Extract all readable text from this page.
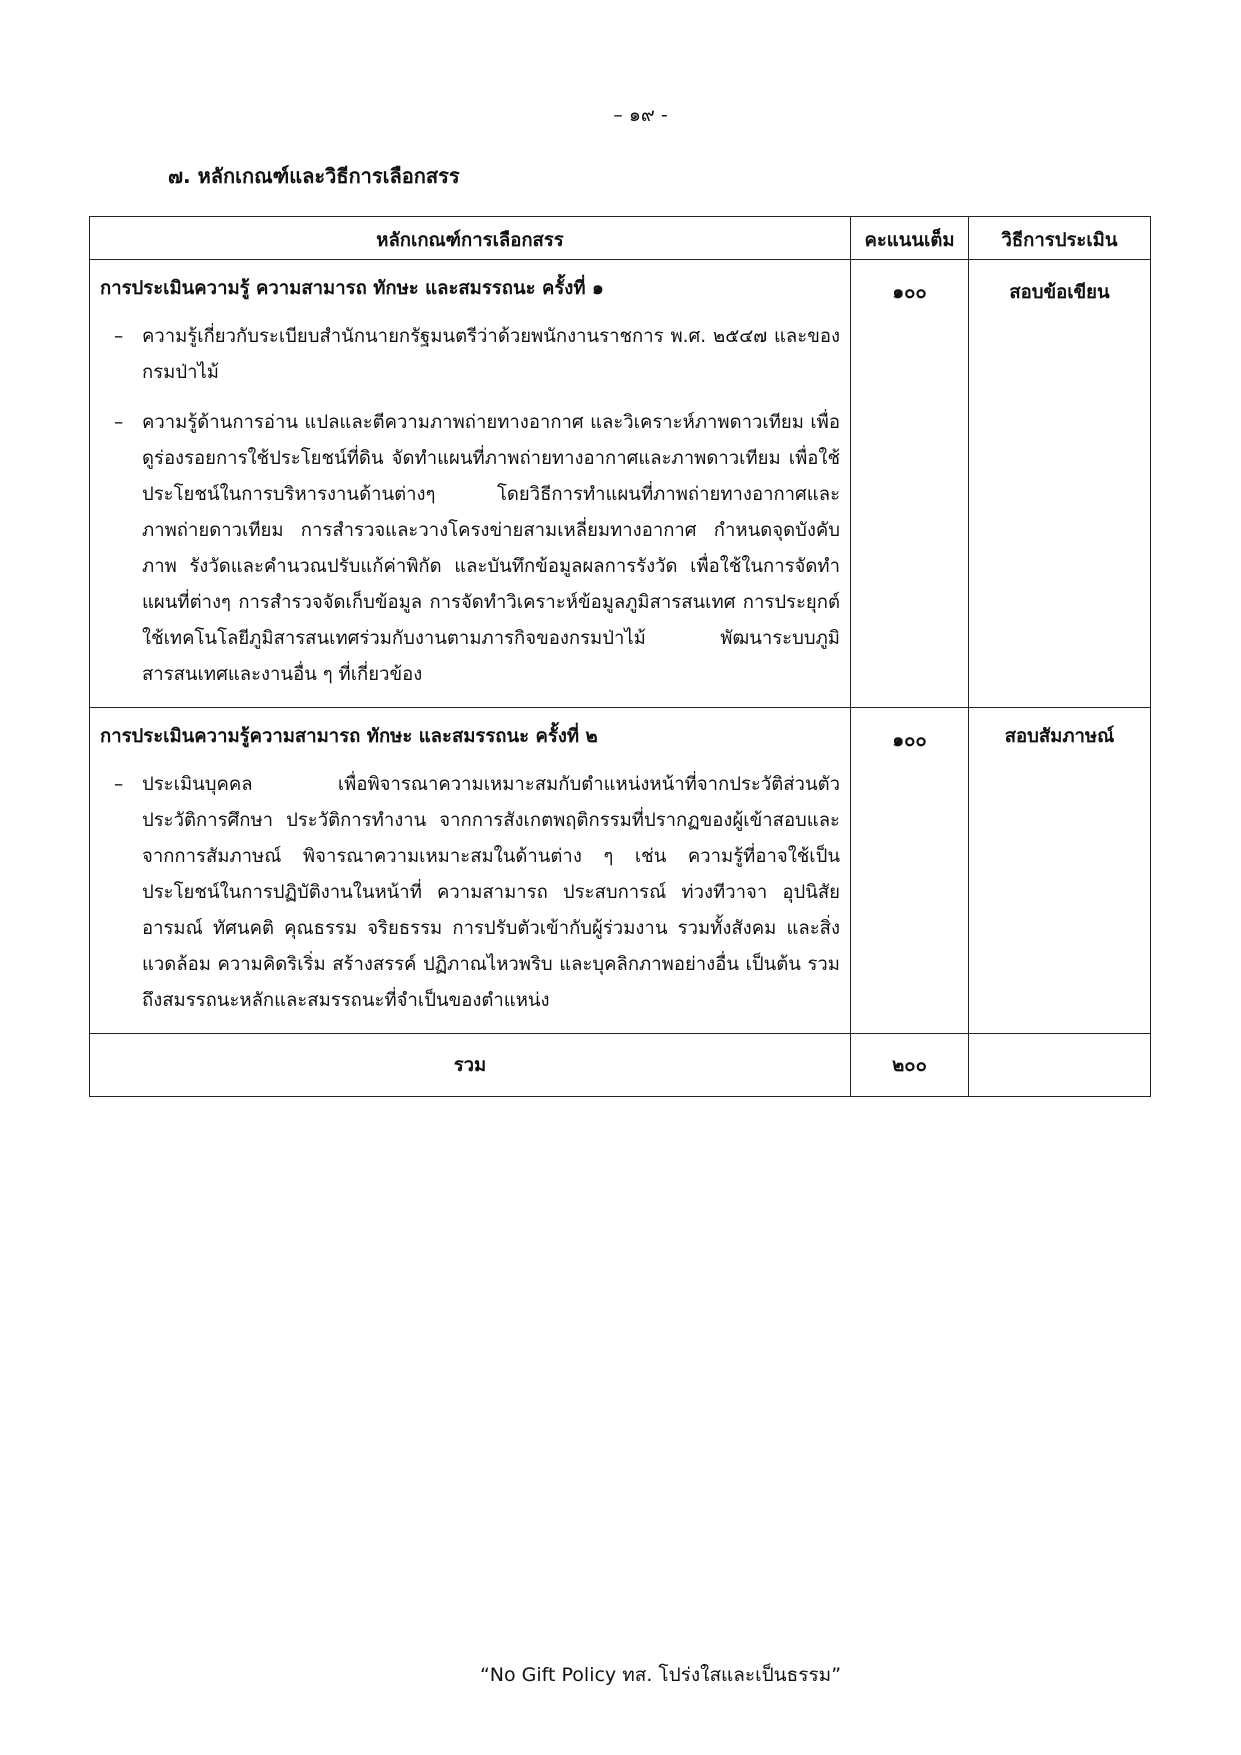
– ๑๙ -
๗. หลักเกณฑ์และวิธีการเลือกสรร
หลักเกณฑ์การเลือกสรร	คะแนนเต็ม	วิธีการประเมิน

การประเมินความรู้ ความสามารถ ทักษะ และสมรรถนะ ครั้งที่ ๑
– ความรู้เกี่ยวกับระเบียบสำนักนายกรัฐมนตรีว่าด้วยพนักงานราชการ พ.ศ. ๒๕๔๗ และของกรมป่าไม้
– ความรู้ด้านการอ่าน แปลและตีความภาพถ่ายทางอากาศ และวิเคราะห์ภาพดาวเทียม เพื่อดูร่องรอยการใช้ประโยชน์ที่ดิน จัดทำแผนที่ภาพถ่ายทางอากาศและภาพดาวเทียม เพื่อใช้ประโยชน์ในการบริหารงานด้านต่างๆ โดยวิธีการทำแผนที่ภาพถ่ายทางอากาศและภาพถ่ายดาวเทียม การสำรวจและวางโครงข่ายสามเหลี่ยมทางอากาศ กำหนดจุดบังคับภาพ รังวัดและคำนวณปรับแก้ค่าพิกัด และบันทึกข้อมูลผลการรังวัด เพื่อใช้ในการจัดทำแผนที่ต่างๆ การสำรวจจัดเก็บข้อมูล การจัดทำวิเคราะห์ข้อมูลภูมิสารสนเทศ การประยุกต์ใช้เทคโนโลยีภูมิสารสนเทศร่วมกับงานตามภารกิจของกรมป่าไม้ พัฒนาระบบภูมิสารสนเทศและงานอื่น ๆ ที่เกี่ยวข้อง	๑๐๐	สอบข้อเขียน

การประเมินความรู้ความสามารถ ทักษะ และสมรรถนะ ครั้งที่ ๒
– ประเมินบุคคล เพื่อพิจารณาความเหมาะสมกับตำแหน่งหน้าที่จากประวัติส่วนตัวประวัติการศึกษา ประวัติการทำงาน จากการสังเกตพฤติกรรมที่ปรากฏของผู้เข้าสอบและจากการสัมภาษณ์ พิจารณาความเหมาะสมในด้านต่าง ๆ เช่น ความรู้ที่อาจใช้เป็นประโยชน์ในการปฏิบัติงานในหน้าที่ ความสามารถ ประสบการณ์ ท่วงทีวาจา อุปนิสัย อารมณ์ ทัศนคติ คุณธรรม จริยธรรม การปรับตัวเข้ากับผู้ร่วมงาน รวมทั้งสังคม และสิ่งแวดล้อม ความคิดริเริ่ม สร้างสรรค์ ปฏิภาณไหวพริบ และบุคลิกภาพอย่างอื่น เป็นต้น รวมถึงสมรรถนะหลักและสมรรถนะที่จำเป็นของตำแหน่ง	๑๐๐	สอบสัมภาษณ์
รวม	๒๐๐	
“No Gift Policy ทส. โปร่งใสและเป็นธรรม”
